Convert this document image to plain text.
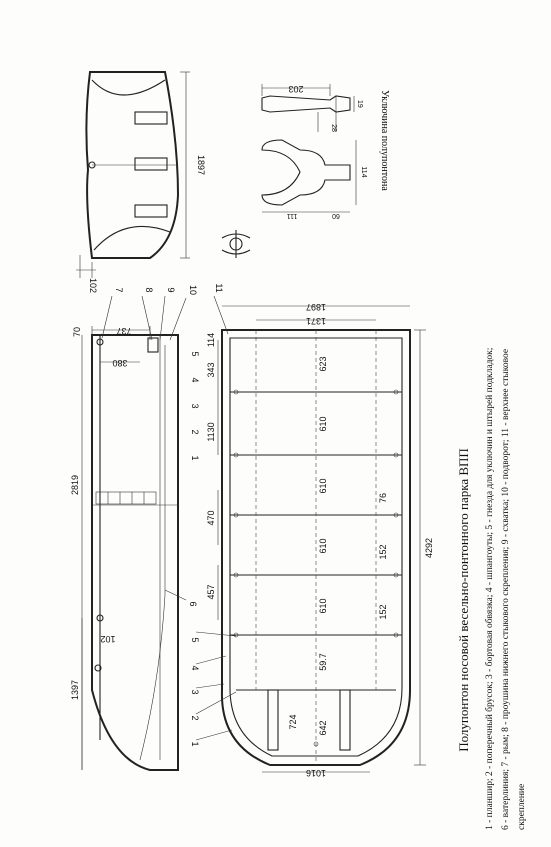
1897
102
203
19
28
114
111	60
Уключина полупонтона
737
70
380
2819
1397
102
7 8 9 10
6
1897
1371
114
343
1130
623
610
610
610
610
59.7
76
152
152
470
457
4292
724 642
1016
1
2
3
4
5
11
5
4
3
2
1	Полупонтон носовой весельно-понтонного парка ВПП 1 - планшир; 2 - поперечный брусок; 3 - бортовая обвязка; 4 - шпангоуты; 5 - гнезда для уключин и штырей подкладок; 6 - ватерлиния; 7 - рым; 8 - проушина нижнего стыкового скрепления; 9 - схватка; 10 - подворот; 11 - верхнее стыковое скрепление
